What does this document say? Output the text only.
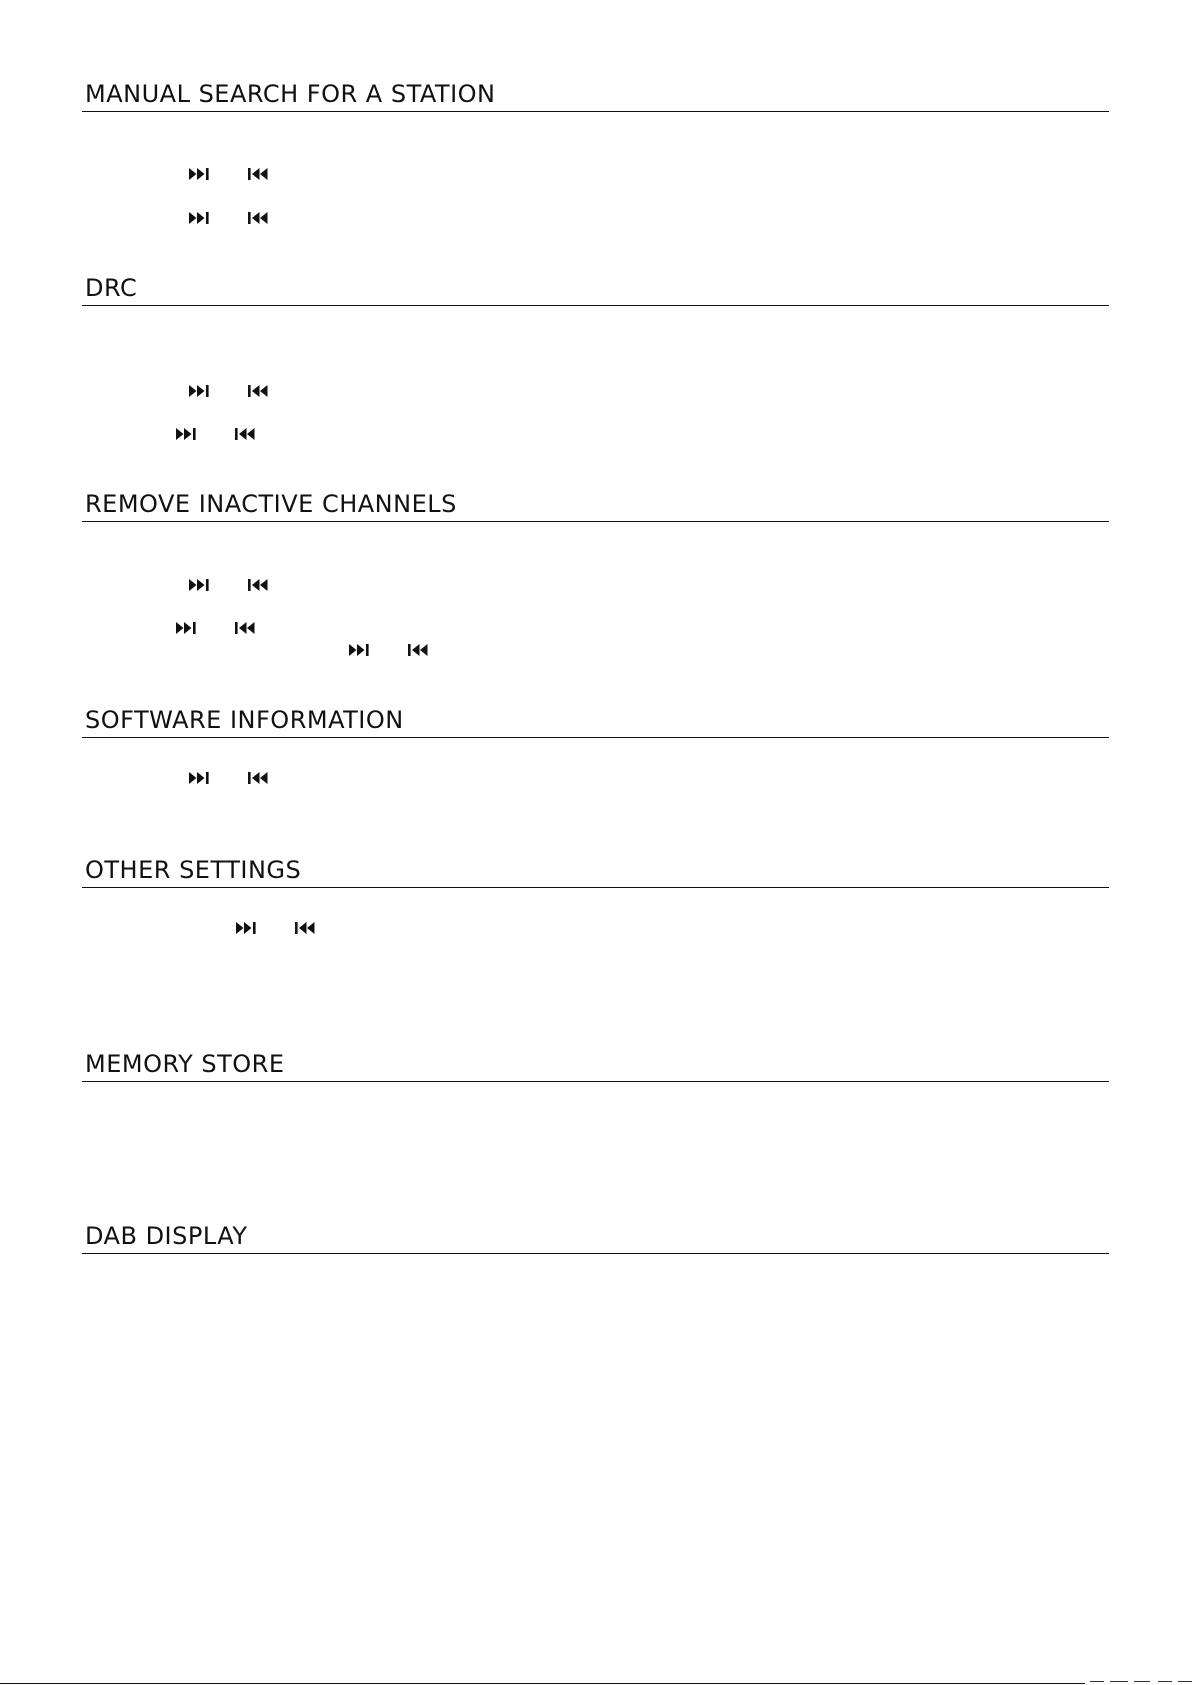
MANUAL SEARCH FOR A STATION
DRC
REMOVE INACTIVE CHANNELS
SOFTWARE INFORMATION
OTHER SETTINGS
MEMORY STORE
DAB DISPLAY
